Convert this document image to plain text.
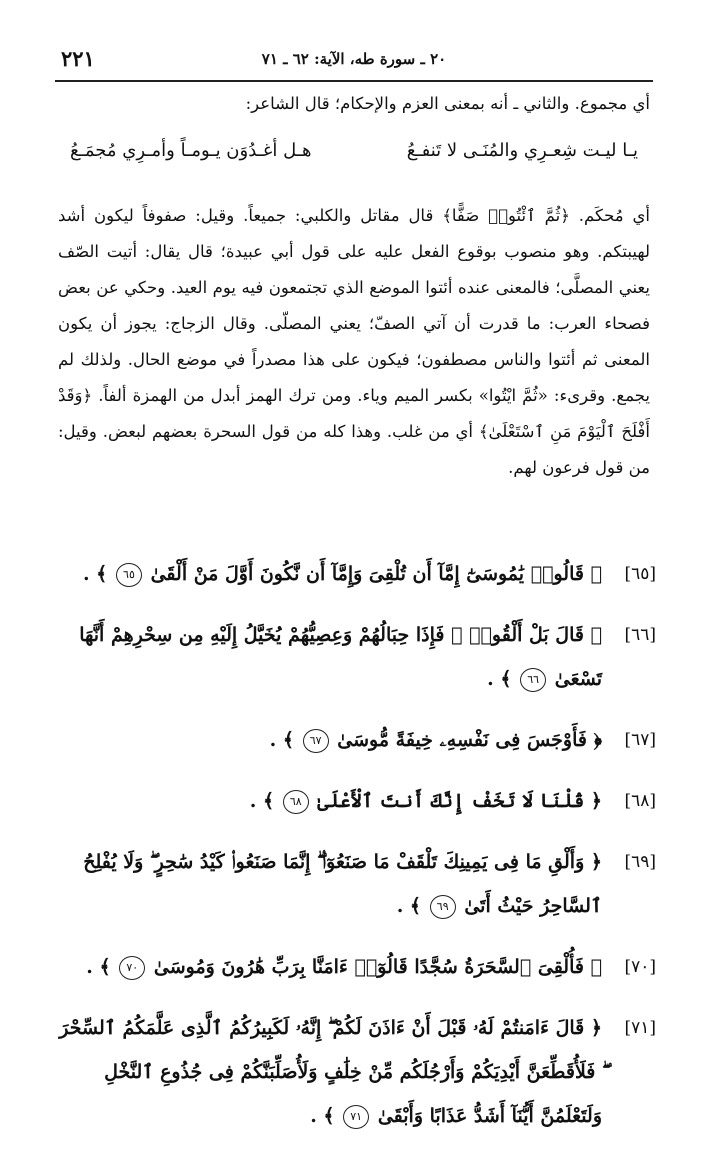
٢٢١	٢٠ ـ سورة طه، الآية: ٦٢ ـ ٧١
أي مجموع. والثاني ـ أنه بمعنى العزم والإحكام؛ قال الشاعر:
يـا ليـت شِعـرِي والمُنَـى لا تَنفـعُ
هـل أغـدُوَن يـومـاً وأمـرِي مُجمَـعُ
أي مُحكَم. ﴿ثُمَّ ٱئْتُوا۟ صَفًّا﴾ قال مقاتل والكلبي: جميعاً. وقيل: صفوفاً ليكون أشد لهيبتكم. وهو منصوب بوقوع الفعل عليه على قول أبي عبيدة؛ قال يقال: أتيت الصّف يعني المصلَّى؛ فالمعنى عنده أئتوا الموضع الذي تجتمعون فيه يوم العيد. وحكي عن بعض فصحاء العرب: ما قدرت أن آتي الصفّ؛ يعني المصلّى. وقال الزجاج: يجوز أن يكون المعنى ثم أئتوا والناس مصطفون؛ فيكون على هذا مصدراً في موضع الحال. ولذلك لم يجمع. وقرىء: «ثُمَّ ايْتُوا» بكسر الميم وياء. ومن ترك الهمز أبدل من الهمزة ألفاً. ﴿وَقَدْ أَفْلَحَ ٱلْيَوْمَ مَنِ ٱسْتَعْلَىٰ﴾ أي من غلب. وهذا كله من قول السحرة بعضهم لبعض. وقيل: من قول فرعون لهم.
[٦٥]
﴿ قَالُوا۟ يَٰمُوسَىٰٓ إِمَّآ أَن تُلْقِىَ وَإِمَّآ أَن نَّكُونَ أَوَّلَ مَنْ أَلْقَىٰ ٦٥ ﴾ .
[٦٦]
﴿ قَالَ بَلْ أَلْقُوا۟ ۖ فَإِذَا حِبَالُهُمْ وَعِصِيُّهُمْ يُخَيَّلُ إِلَيْهِ مِن سِحْرِهِمْ أَنَّهَا تَسْعَىٰ ٦٦ ﴾ .
[٦٧]
﴿ فَأَوْجَسَ فِى نَفْسِهِۦ خِيفَةً مُّوسَىٰ ٦٧ ﴾ .
[٦٨]
﴿ قُلْنَا لَا تَخَفْ إِنَّكَ أَنتَ ٱلْأَعْلَىٰ ٦٨ ﴾ .
[٦٩]
﴿ وَأَلْقِ مَا فِى يَمِينِكَ تَلْقَفْ مَا صَنَعُوٓا۟ ۖ إِنَّمَا صَنَعُوا۟ كَيْدُ سَٰحِرٍ ۖ وَلَا يُفْلِحُ ٱلسَّاحِرُ حَيْثُ أَتَىٰ ٦٩ ﴾ .
[٧٠]
﴿ فَأُلْقِىَ ٱلسَّحَرَةُ سُجَّدًا قَالُوٓا۟ ءَامَنَّا بِرَبِّ هَٰرُونَ وَمُوسَىٰ ٧٠ ﴾ .
[٧١]
﴿ قَالَ ءَامَنتُمْ لَهُۥ قَبْلَ أَنْ ءَاذَنَ لَكُمْ ۖ إِنَّهُۥ لَكَبِيرُكُمُ ٱلَّذِى عَلَّمَكُمُ ٱلسِّحْرَ ۖ فَلَأُقَطِّعَنَّ أَيْدِيَكُمْ وَأَرْجُلَكُم مِّنْ خِلَٰفٍ وَلَأُصَلِّبَنَّكُمْ فِى جُذُوعِ ٱلنَّخْلِ وَلَتَعْلَمُنَّ أَيُّنَآ أَشَدُّ عَذَابًا وَأَبْقَىٰ ٧١ ﴾ .
